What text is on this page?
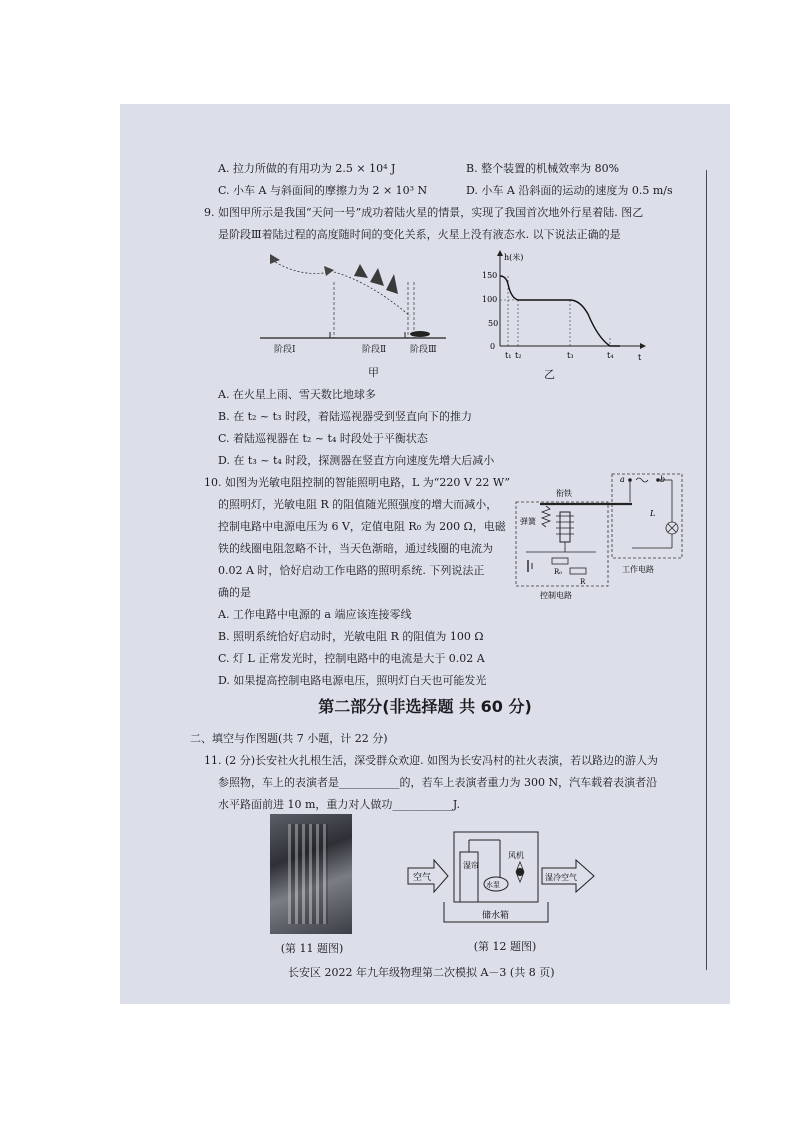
A. 拉力所做的有用功为 2.5 × 10⁴ J	B. 整个装置的机械效率为 80%
C. 小车 A 与斜面间的摩擦力为 2 × 10³ N	D. 小车 A 沿斜面的运动的速度为 0.5 m/s
9. 如图甲所示是我国“天问一号”成功着陆火星的情景，实现了我国首次地外行星着陆. 图乙
是阶段Ⅲ着陆过程的高度随时间的变化关系，火星上没有液态水. 以下说法正确的是
阶段Ⅰ	阶段Ⅱ	阶段Ⅲ
甲
h(米)
t
150
100
50
0
t₁ t₂	t₃	t₄
乙
A. 在火星上雨、雪天数比地球多
B. 在 t₂ ~ t₃ 时段，着陆巡视器受到竖直向下的推力
C. 着陆巡视器在 t₂ ~ t₄ 时段处于平衡状态
D. 在 t₃ ~ t₄ 时段，探测器在竖直方向速度先增大后减小
10. 如图为光敏电阻控制的智能照明电路，L 为“220 V 22 W”
的照明灯，光敏电阻 R 的阻值随光照强度的增大而减小，
控制电路中电源电压为 6 V，定值电阻 R₀ 为 200 Ω，电磁
铁的线圈电阻忽略不计，当天色渐暗，通过线圈的电流为
0.02 A 时，恰好启动工作电路的照明系统. 下列说法正
确的是
衔铁
弹簧
R₀
R
a	b
L
工作电路
控制电路
A. 工作电路中电源的 a 端应该连接零线
B. 照明系统恰好启动时，光敏电阻 R 的阻值为 100 Ω
C. 灯 L 正常发光时，控制电路中的电流是大于 0.02 A
D. 如果提高控制电路电源电压，照明灯白天也可能发光
第二部分(非选择题 共 60 分)
二、填空与作图题(共 7 小题，计 22 分)
11. (2 分)长安社火扎根生活，深受群众欢迎. 如图为长安冯村的社火表演，若以路边的游人为
参照物，车上的表演者是___________的，若车上表演者重力为 300 N，汽车载着表演者沿
水平路面前进 10 m，重力对人做功___________J.
(第 11 题图)
空气
湿帘
水泵
风机
储水箱
湿冷空气
(第 12 题图)
长安区 2022 年九年级物理第二次模拟 A－3 (共 8 页)
